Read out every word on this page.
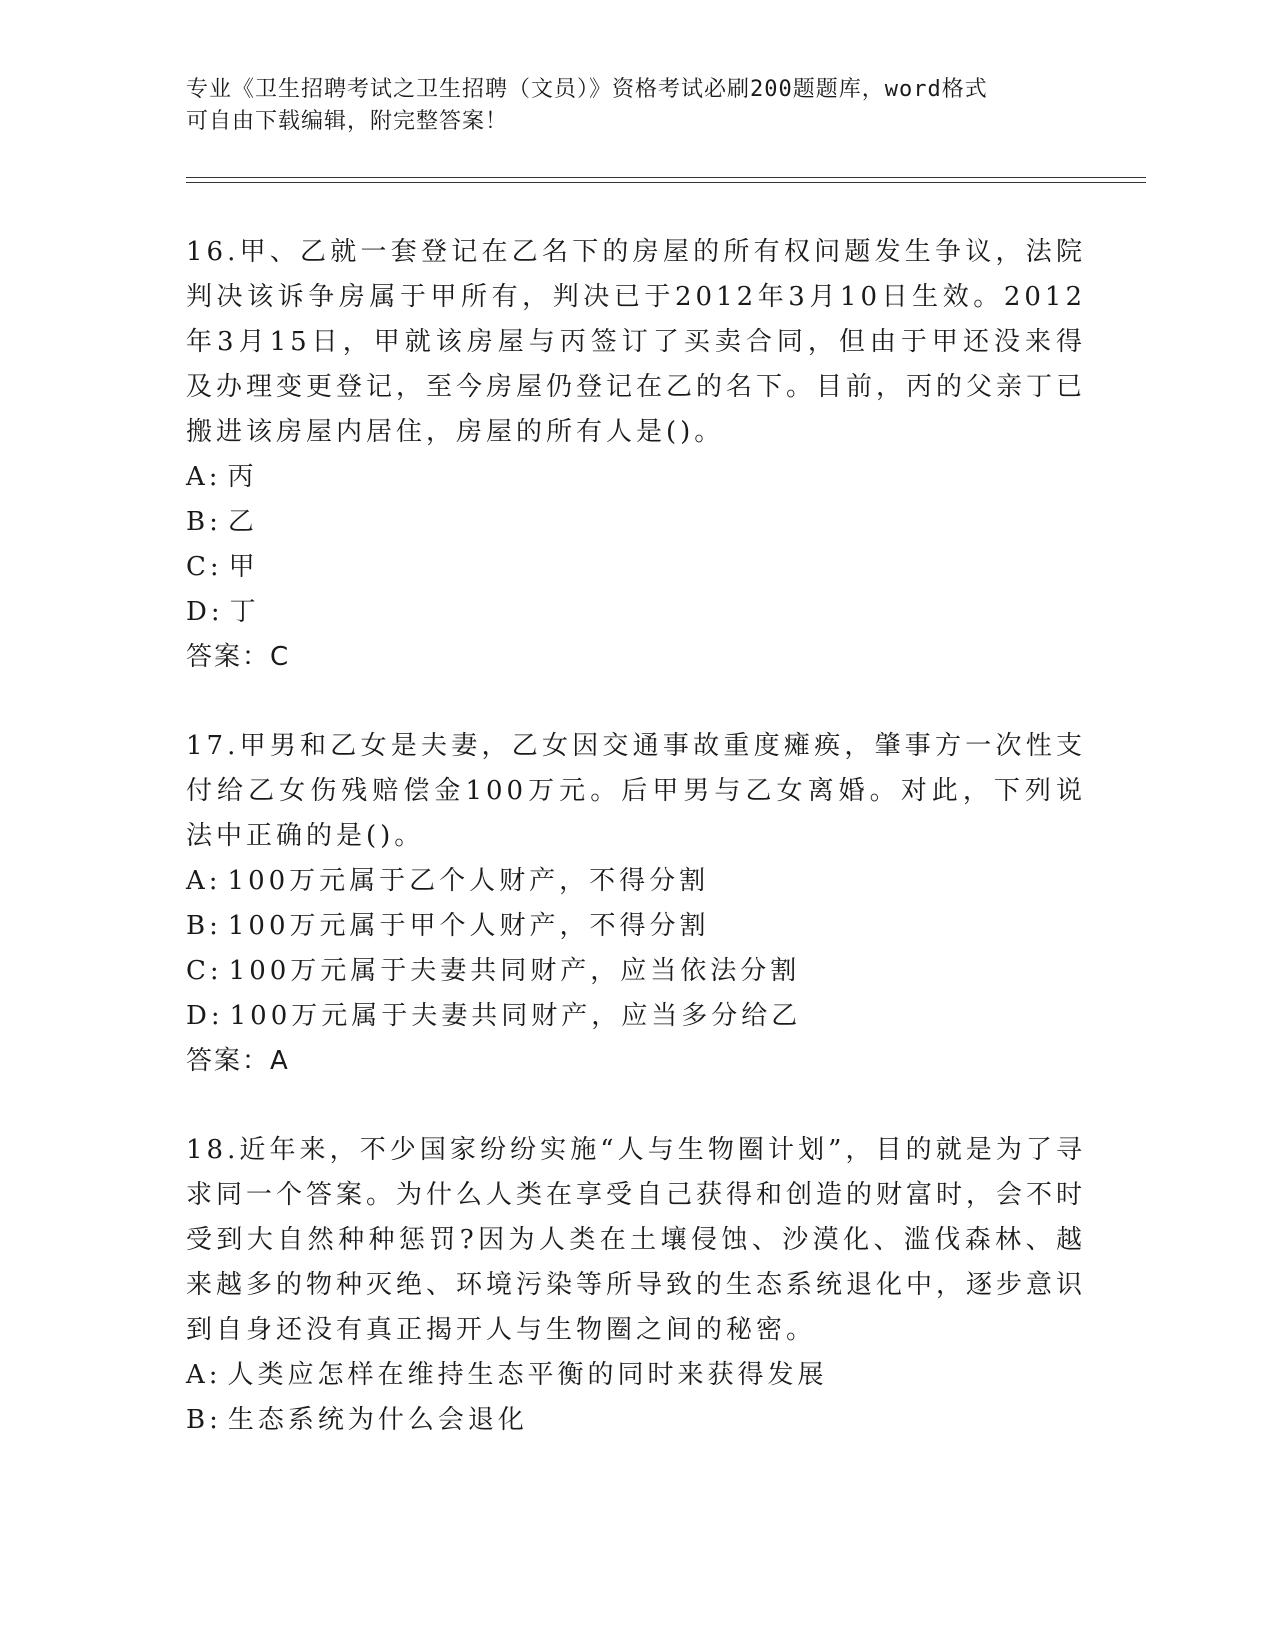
专业《卫生招聘考试之卫生招聘（文员）》资格考试必刷200题题库，word格式
可自由下载编辑，附完整答案！

16.甲、乙就一套登记在乙名下的房屋的所有权问题发生争议，法院判决该诉争房属于甲所有，判决已于2012年3月10日生效。2012年3月15日，甲就该房屋与丙签订了买卖合同，但由于甲还没来得及办理变更登记，至今房屋仍登记在乙的名下。目前，丙的父亲丁已搬进该房屋内居住，房屋的所有人是()。

A: 丙
B: 乙
C: 甲
D: 丁
答案：C

17.甲男和乙女是夫妻，乙女因交通事故重度瘫痪，肇事方一次性支付给乙女伤残赔偿金100万元。后甲男与乙女离婚。对此，下列说法中正确的是()。

A: 100万元属于乙个人财产，不得分割
B: 100万元属于甲个人财产，不得分割
C: 100万元属于夫妻共同财产，应当依法分割
D: 100万元属于夫妻共同财产，应当多分给乙
答案：A

18.近年来，不少国家纷纷实施“人与生物圈计划”，目的就是为了寻求同一个答案。为什么人类在享受自己获得和创造的财富时，会不时受到大自然种种惩罚?因为人类在土壤侵蚀、沙漠化、滥伐森林、越来越多的物种灭绝、环境污染等所导致的生态系统退化中，逐步意识到自身还没有真正揭开人与生物圈之间的秘密。

A: 人类应怎样在维持生态平衡的同时来获得发展
B: 生态系统为什么会退化
